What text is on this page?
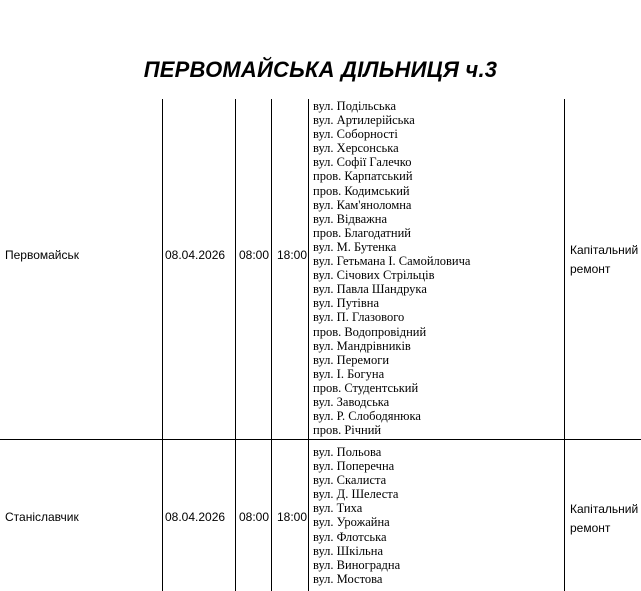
ПЕРВОМАЙСЬКА ДІЛЬНИЦЯ ч.3
Первомайськ	08.04.2026 08:00 18:00
вул. Подільська
вул. Артилерійська
вул. Соборності
вул. Херсонська
вул. Софії Галечко
пров. Карпатський
пров. Кодимський
вул. Кам'яноломна
вул. Відважна
пров. Благодатний
вул. М. Бутенка
вул. Гетьмана І. Самойловича
вул. Січових Стрільців
вул. Павла Шандрука
вул. Путівна
вул. П. Глазового
пров. Водопровідний
вул. Мандрівників
вул. Перемоги
вул. І. Богуна
пров. Студентський
вул. Заводська
вул. Р. Слободянюка
пров. Річний
Капітальний ремонт
Станіславчик	08.04.2026 08:00 18:00
вул. Польова
вул. Поперечна
вул. Скалиста
вул. Д. Шелеста
вул. Тиха
вул. Урожайна
вул. Флотська
вул. Шкільна
вул. Виноградна
вул. Мостова
Капітальний ремонт
